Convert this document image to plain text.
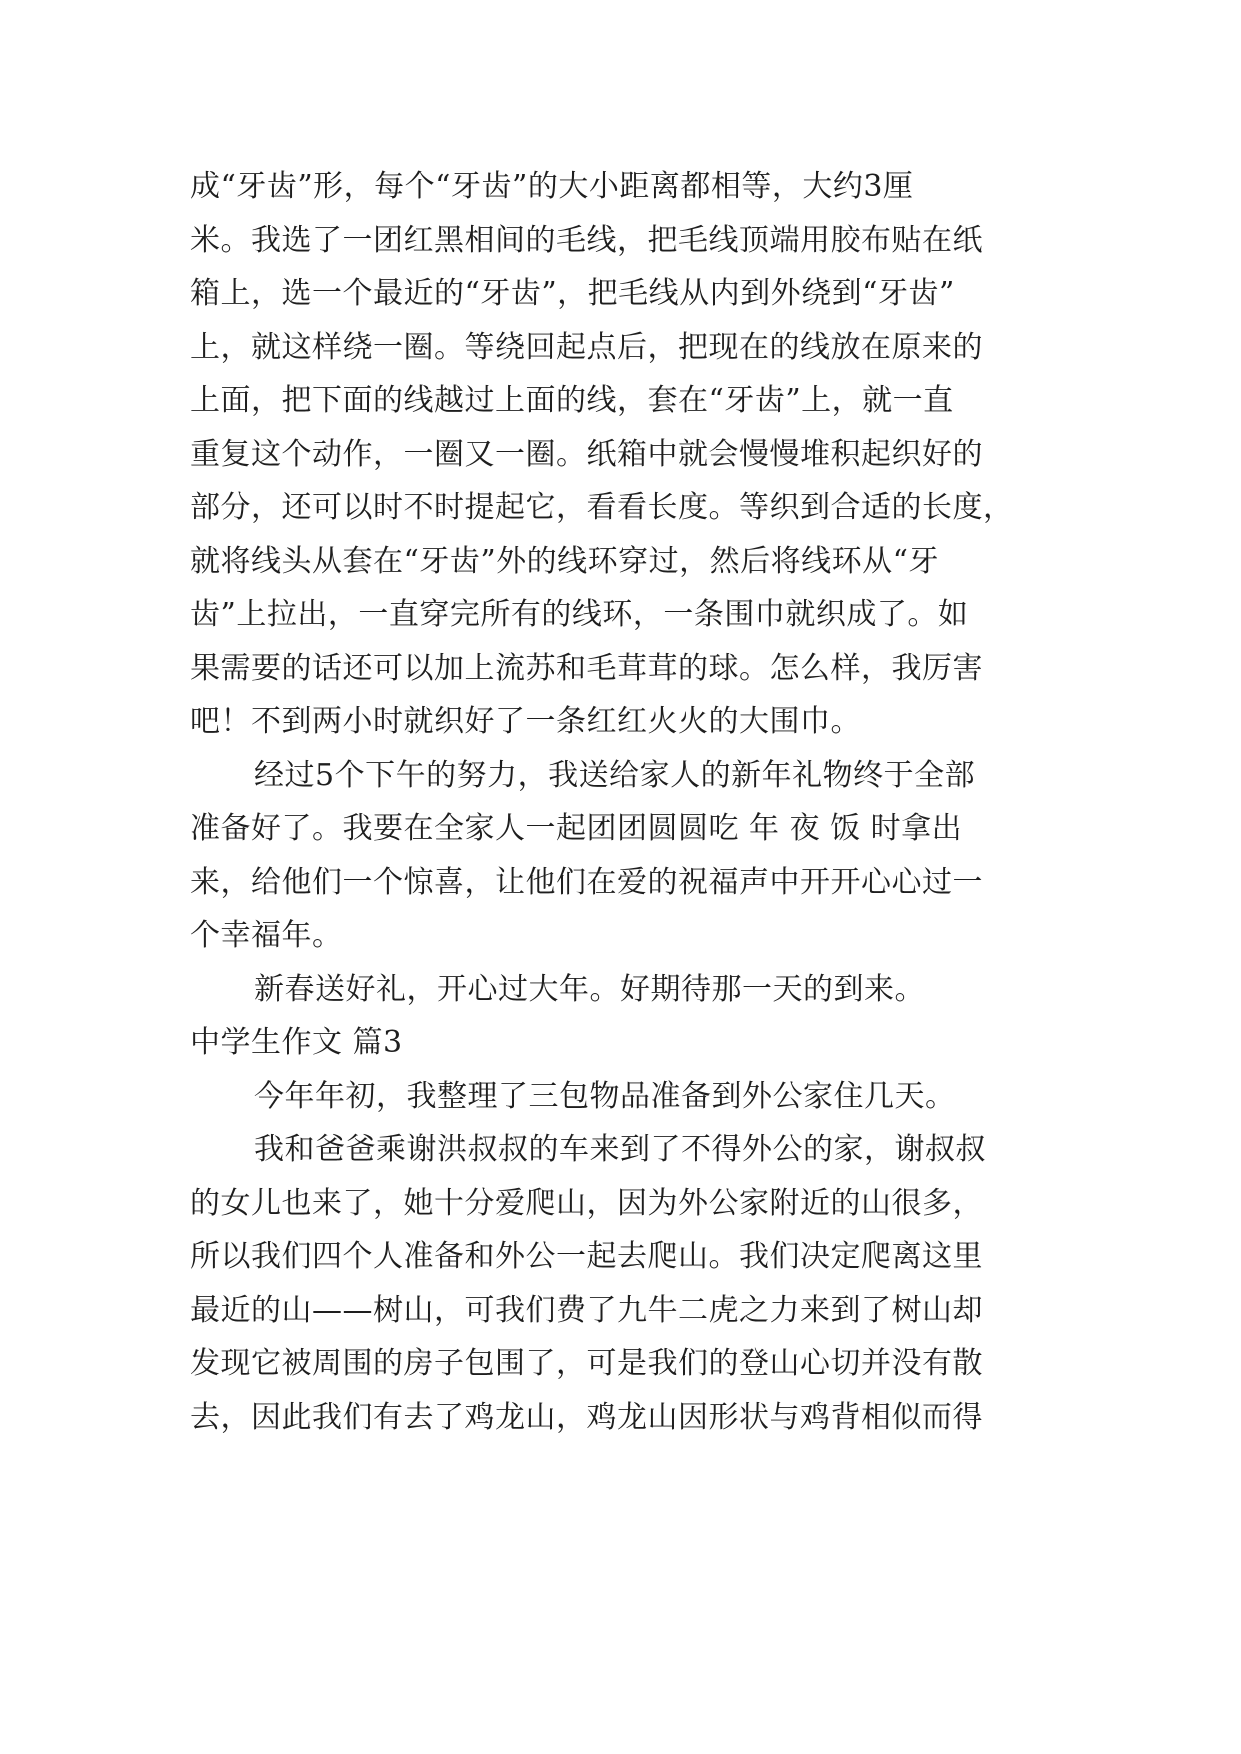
成“牙齿”形，每个“牙齿”的大小距离都相等，大约3厘
米。我选了一团红黑相间的毛线，把毛线顶端用胶布贴在纸
箱上，选一个最近的“牙齿”，把毛线从内到外绕到“牙齿”
上，就这样绕一圈。等绕回起点后，把现在的线放在原来的
上面，把下面的线越过上面的线，套在“牙齿”上，就一直
重复这个动作，一圈又一圈。纸箱中就会慢慢堆积起织好的
部分，还可以时不时提起它，看看长度。等织到合适的长度，
就将线头从套在“牙齿”外的线环穿过，然后将线环从“牙
齿”上拉出，一直穿完所有的线环，一条围巾就织成了。如
果需要的话还可以加上流苏和毛茸茸的球。怎么样，我厉害
吧！不到两小时就织好了一条红红火火的大围巾。
经过5个下午的努力，我送给家人的新年礼物终于全部
准备好了。我要在全家人一起团团圆圆吃 年 夜 饭 时拿出
来，给他们一个惊喜，让他们在爱的祝福声中开开心心过一
个幸福年。
新春送好礼，开心过大年。好期待那一天的到来。
中学生作文 篇3
今年年初，我整理了三包物品准备到外公家住几天。
我和爸爸乘谢洪叔叔的车来到了不得外公的家，谢叔叔
的女儿也来了，她十分爱爬山，因为外公家附近的山很多，
所以我们四个人准备和外公一起去爬山。我们决定爬离这里
最近的山——树山，可我们费了九牛二虎之力来到了树山却
发现它被周围的房子包围了，可是我们的登山心切并没有散
去，因此我们有去了鸡龙山，鸡龙山因形状与鸡背相似而得
